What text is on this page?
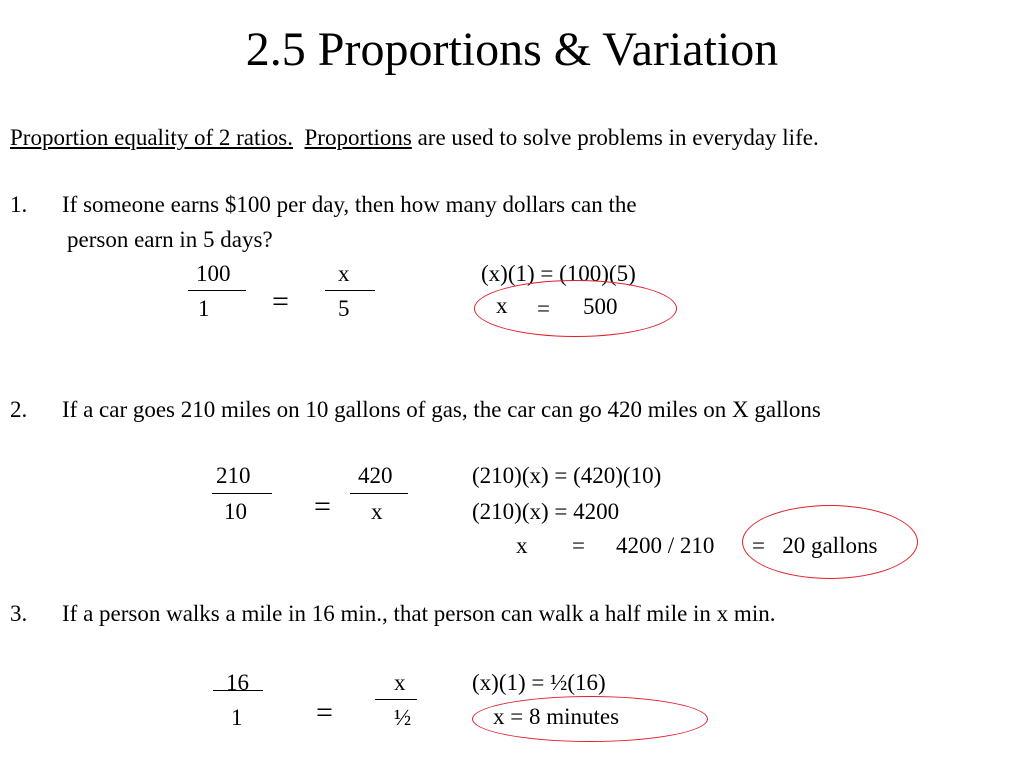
2.5 Proportions & Variation
Proportion equality of 2 ratios. Proportions are used to solve problems in everyday life.
1. If someone earns $100 per day, then how many dollars can the
person earn in 5 days?
100
1 =
x
5
(x)(1) = (100)(5)
x = 500
2. If a car goes 210 miles on 10 gallons of gas, the car can go 420 miles on X gallons
210
10 =
420
x
(210)(x) = (420)(10)
(210)(x) = 4200
x = 4200 / 210 =   20 gallons
3. If a person walks a mile in 16 min., that person can walk a half mile in x min.
16
1 =
x
½
(x)(1) = ½(16)
x = 8 minutes
